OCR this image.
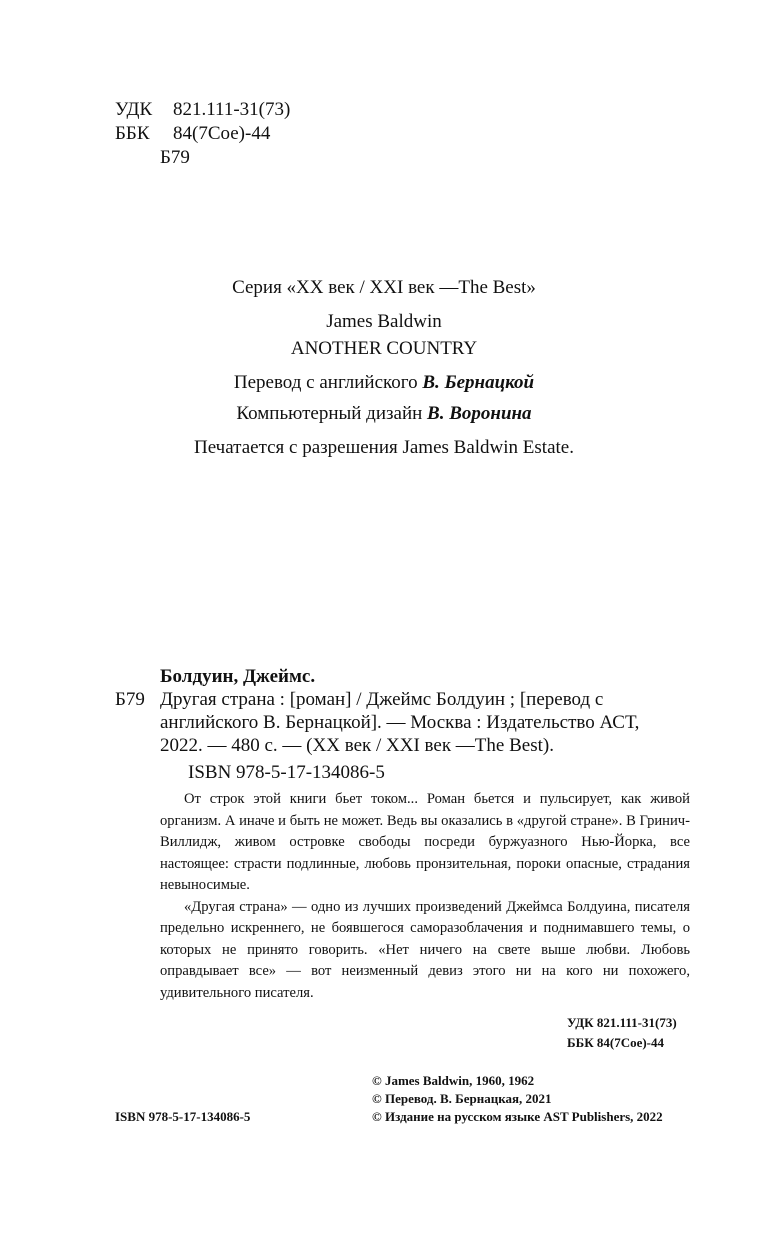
УДК 821.111-31(73)
ББК 84(7Сое)-44
Б79
Серия «XX век / XXI век —The Best»
James Baldwin
ANOTHER COUNTRY
Перевод с английского В. Бернацкой
Компьютерный дизайн В. Воронина
Печатается с разрешения James Baldwin Estate.
Болдуин, Джеймс.
Б79 Другая страна : [роман] / Джеймс Болдуин ; [перевод с
английского В. Бернацкой]. — Москва : Издательство АСТ,
2022. — 480 с. — (XX век / XXI век —The Best).
ISBN 978-5-17-134086-5

От строк этой книги бьет током... Роман бьется и пульсирует, как живой организм. А иначе и быть не может. Ведь вы оказались в «другой стране». В Гринич-Виллидж, живом островке свободы посреди буржуазного Нью-Йорка, все настоящее: страсти подлинные, любовь пронзительная, пороки опасные, страдания невыносимые.

«Другая страна» — одно из лучших произведений Джеймса Болдуина, писателя предельно искреннего, не боявшегося саморазоблачения и поднимавшего темы, о которых не принято говорить. «Нет ничего на свете выше любви. Любовь оправдывает все» — вот неизменный девиз этого ни на кого ни похожего, удивительного писателя.

УДК 821.111-31(73)
ББК 84(7Сое)-44
© James Baldwin, 1960, 1962
© Перевод. В. Бернацкая, 2021
© Издание на русском языке AST Publishers, 2022
ISBN 978-5-17-134086-5
